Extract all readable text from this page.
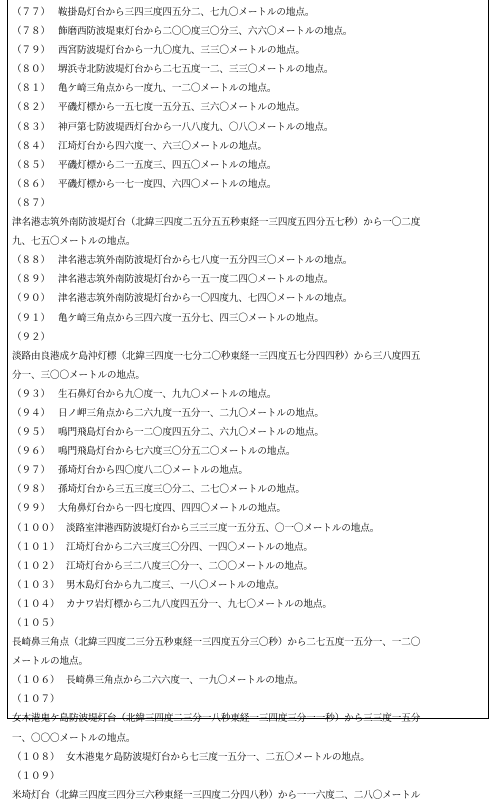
（７７） 鞍掛島灯台から三四三度四五分二、七九〇メートルの地点。
（７８） 飾磨西防波堤東灯台から二〇〇度三〇分三、六六〇メートルの地点。
（７９） 西宮防波堤灯台から一九〇度九、三三〇メートルの地点。
（８０） 堺浜寺北防波堤灯台から二七五度一二、三三〇メートルの地点。
（８１） 亀ケ崎三角点から一度九、一二〇メートルの地点。
（８２） 平磯灯標から一五七度一五分五、三六〇メートルの地点。
（８３） 神戸第七防波堤西灯台から一八八度九、〇八〇メートルの地点。
（８４） 江埼灯台から四六度一、六三〇メートルの地点。
（８５） 平磯灯標から二一五度三、四五〇メートルの地点。
（８６） 平磯灯標から一七一度四、六四〇メートルの地点。
（８７）
津名港志筑外南防波堤灯台（北緯三四度二五分五五秒東経一三四度五四分五七秒）から一〇二度
九、七五〇メートルの地点。
（８８） 津名港志筑外南防波堤灯台から七八度一五分四三〇メートルの地点。
（８９） 津名港志筑外南防波堤灯台から一五一度二四〇メートルの地点。
（９０） 津名港志筑外南防波堤灯台から一〇四度九、七四〇メートルの地点。
（９１） 亀ケ崎三角点から三四六度一五分七、四三〇メートルの地点。
（９２）
淡路由良港成ケ島沖灯標（北緯三四度一七分二〇秒東経一三四度五七分四四秒）から三八度四五
分一、三〇〇メートルの地点。
（９３） 生石鼻灯台から九〇度一、九九〇メートルの地点。
（９４） 日ノ岬三角点から二六九度一五分一、二九〇メートルの地点。
（９５） 鳴門飛島灯台から一二〇度四五分二、六九〇メートルの地点。
（９６） 鳴門飛島灯台から七六度三〇分五二〇メートルの地点。
（９７） 孫埼灯台から四〇度八二〇メートルの地点。
（９８） 孫埼灯台から三五三度三〇分二、二七〇メートルの地点。
（９９） 大角鼻灯台から一四七度四、四四〇メートルの地点。
（１００） 淡路室津港西防波堤灯台から三三三度一五分五、〇一〇メートルの地点。
（１０１） 江埼灯台から二六三度三〇分四、一四〇メートルの地点。
（１０２） 江埼灯台から三二八度三〇分一、二〇〇メートルの地点。
（１０３） 男木島灯台から九二度三、一八〇メートルの地点。
（１０４） カナワ岩灯標から二九八度四五分一、九七〇メートルの地点。
（１０５）
長崎鼻三角点（北緯三四度二三分五秒東経一三四度五分三〇秒）から二七五度一五分一、一二〇
メートルの地点。
（１０６） 長崎鼻三角点から二六六度一、一九〇メートルの地点。
（１０７）
女木港鬼ケ島防波堤灯台（北緯三四度二三分一八秒東経一三四度三分一一秒）から三三度一五分
一、〇〇〇メートルの地点。
（１０８） 女木港鬼ケ島防波堤灯台から七三度一五分一、二五〇メートルの地点。
（１０９）
米埼灯台（北緯三四度三四分三六秒東経一三四度二分四八秒）から一一六度二、二八〇メートル
